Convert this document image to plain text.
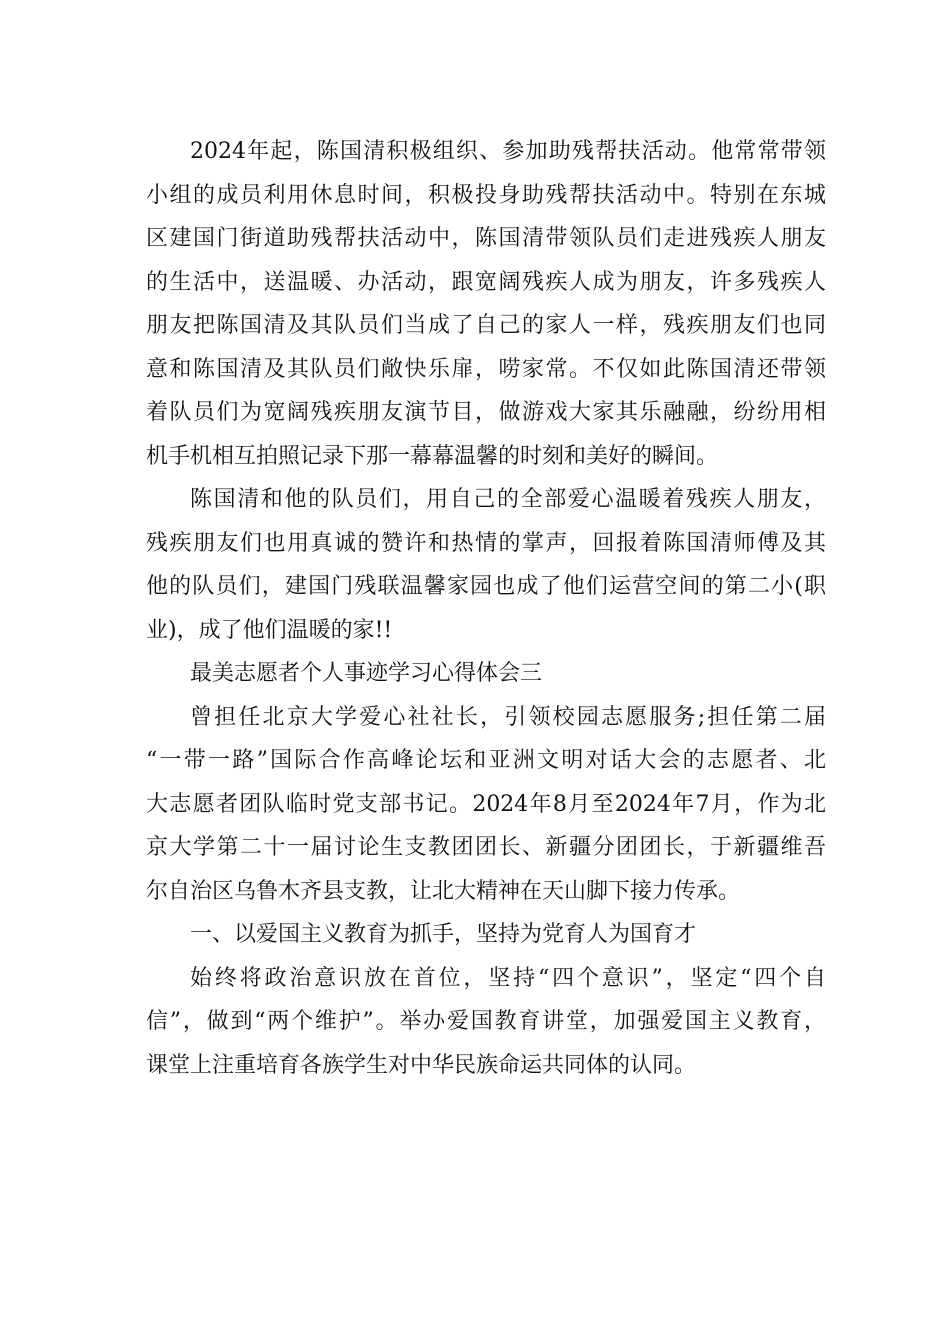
2024年起，陈国清积极组织、参加助残帮扶活动。他常常带领
小组的成员利用休息时间，积极投身助残帮扶活动中。特别在东城
区建国门街道助残帮扶活动中，陈国清带领队员们走进残疾人朋友
的生活中，送温暖、办活动，跟宽阔残疾人成为朋友，许多残疾人
朋友把陈国清及其队员们当成了自己的家人一样，残疾朋友们也同
意和陈国清及其队员们敞快乐扉，唠家常。不仅如此陈国清还带领
着队员们为宽阔残疾朋友演节目，做游戏大家其乐融融，纷纷用相
机手机相互拍照记录下那一幕幕温馨的时刻和美好的瞬间。
陈国清和他的队员们，用自己的全部爱心温暖着残疾人朋友，
残疾朋友们也用真诚的赞许和热情的掌声，回报着陈国清师傅及其
他的队员们，建国门残联温馨家园也成了他们运营空间的第二小(职
业)，成了他们温暖的家!!
最美志愿者个人事迹学习心得体会三
曾担任北京大学爱心社社长，引领校园志愿服务;担任第二届
“一带一路”国际合作高峰论坛和亚洲文明对话大会的志愿者、北
大志愿者团队临时党支部书记。2024年8月至2024年7月，作为北
京大学第二十一届讨论生支教团团长、新疆分团团长，于新疆维吾
尔自治区乌鲁木齐县支教，让北大精神在天山脚下接力传承。
一、以爱国主义教育为抓手，坚持为党育人为国育才
始终将政治意识放在首位，坚持“四个意识”，坚定“四个自
信”，做到“两个维护”。举办爱国教育讲堂，加强爱国主义教育，
课堂上注重培育各族学生对中华民族命运共同体的认同。
